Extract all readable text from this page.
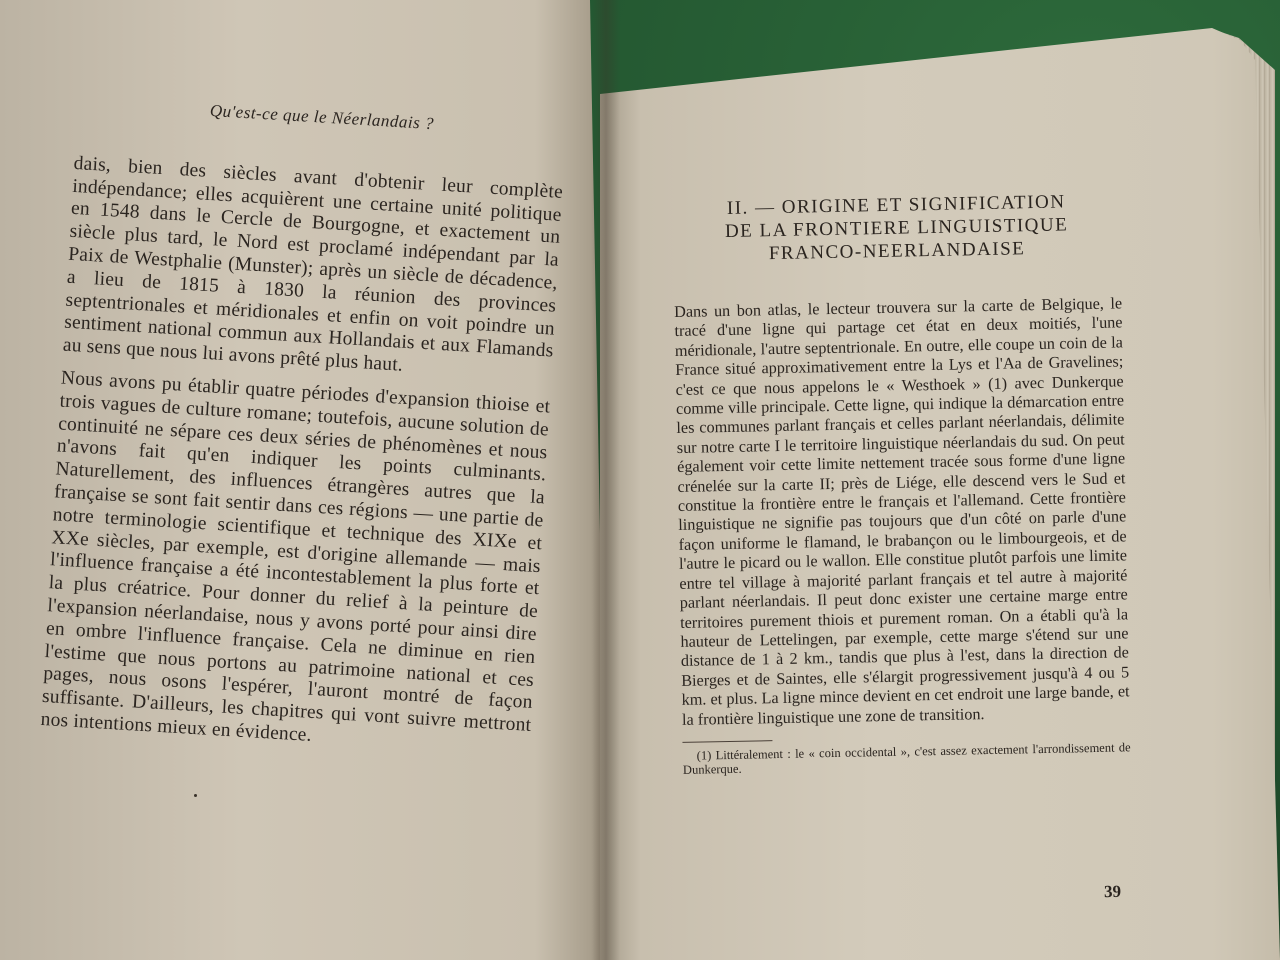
Qu'est-ce que le Néerlandais ?

dais, bien des siècles avant d'obtenir leur complète indépendance; elles acquièrent une certaine unité politique en 1548 dans le Cercle de Bourgogne, et exactement un siècle plus tard, le Nord est proclamé indépendant par la Paix de Westphalie (Munster); après un siècle de décadence, a lieu de 1815 à 1830 la réunion des provinces septentrionales et méridionales et enfin on voit poindre un sentiment national commun aux Hollandais et aux Flamands au sens que nous lui avons prêté plus haut.

Nous avons pu établir quatre périodes d'expansion thioise et trois vagues de culture romane; toutefois, aucune solution de continuité ne sépare ces deux séries de phénomènes et nous n'avons fait qu'en indiquer les points culminants. Naturellement, des influences étrangères autres que la française se sont fait sentir dans ces régions — une partie de notre terminologie scientifique et technique des XIXe et XXe siècles, par exemple, est d'origine allemande — mais l'influence française a été incontestablement la plus forte et la plus créatrice. Pour donner du relief à la peinture de l'expansion néerlandaise, nous y avons porté pour ainsi dire en ombre l'influence française. Cela ne diminue en rien l'estime que nous portons au patrimoine national et ces pages, nous osons l'espérer, l'auront montré de façon suffisante. D'ailleurs, les chapitres qui vont suivre mettront nos intentions mieux en évidence.

II. — ORIGINE ET SIGNIFICATION
DE LA FRONTIERE LINGUISTIQUE
FRANCO-NEERLANDAISE

Dans un bon atlas, le lecteur trouvera sur la carte de Belgique, le tracé d'une ligne qui partage cet état en deux moitiés, l'une méridionale, l'autre septentrionale. En outre, elle coupe un coin de la France situé approximativement entre la Lys et l'Aa de Gravelines; c'est ce que nous appelons le « Westhoek » (1) avec Dunkerque comme ville principale. Cette ligne, qui indique la démarcation entre les communes parlant français et celles parlant néerlandais, délimite sur notre carte I le territoire linguistique néerlandais du sud. On peut également voir cette limite nettement tracée sous forme d'une ligne crénelée sur la carte II; près de Liége, elle descend vers le Sud et constitue la frontière entre le français et l'allemand. Cette frontière linguistique ne signifie pas toujours que d'un côté on parle d'une façon uniforme le flamand, le brabançon ou le limbourgeois, et de l'autre le picard ou le wallon. Elle constitue plutôt parfois une limite entre tel village à majorité parlant français et tel autre à majorité parlant néerlandais. Il peut donc exister une certaine marge entre territoires purement thiois et purement roman. On a établi qu'à la hauteur de Lettelingen, par exemple, cette marge s'étend sur une distance de 1 à 2 km., tandis que plus à l'est, dans la direction de Bierges et de Saintes, elle s'élargit progressivement jusqu'à 4 ou 5 km. et plus. La ligne mince devient en cet endroit une large bande, et la frontière linguistique une zone de transition.

(1) Littéralement : le « coin occidental », c'est assez exactement l'arrondissement de Dunkerque.

39
